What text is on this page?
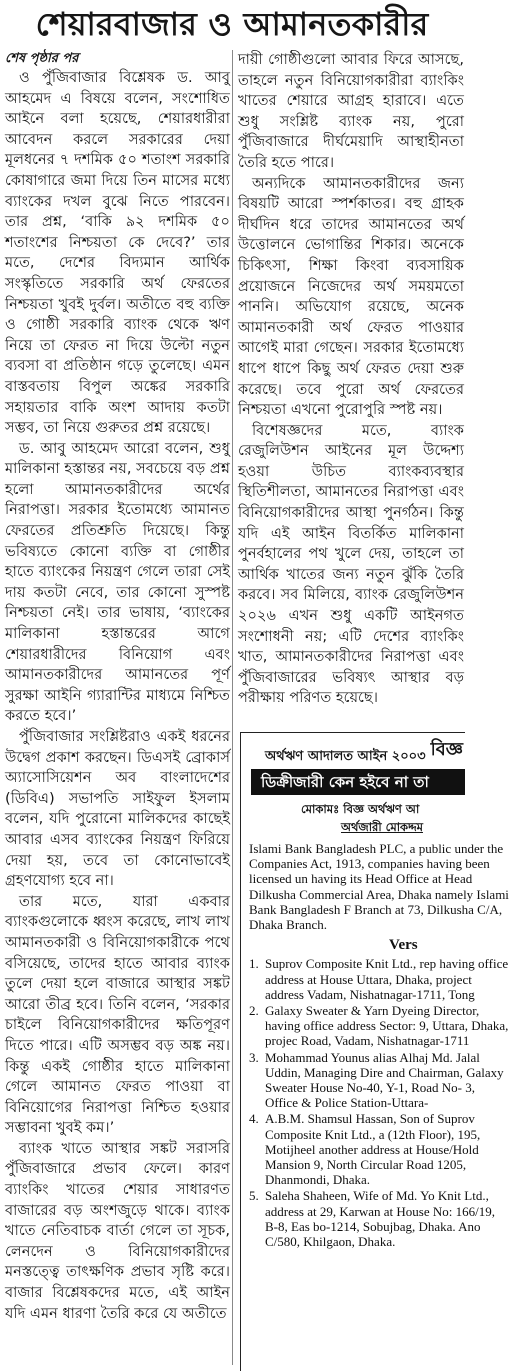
শেয়ারবাজার ও আমানতকারীর

শেষ পৃষ্ঠার পর

ও পুঁজিবাজার বিশ্লেষক ড. আবু আহমেদ এ বিষয়ে বলেন, সংশোধিত আইনে বলা হয়েছে, শেয়ারধারীরা আবেদন করলে সরকারের দেয়া মূলধনের ৭ দশমিক ৫০ শতাংশ সরকারি কোষাগারে জমা দিয়ে তিন মাসের মধ্যে ব্যাংকের দখল বুঝে নিতে পারবেন। তার প্রশ্ন, ‘বাকি ৯২ দশমিক ৫০ শতাংশের নিশ্চয়তা কে দেবে?’ তার মতে, দেশের বিদ্যমান আর্থিক সংস্কৃতিতে সরকারি অর্থ ফেরতের নিশ্চয়তা খুবই দুর্বল। অতীতে বহু ব্যক্তি ও গোষ্ঠী সরকারি ব্যাংক থেকে ঋণ নিয়ে তা ফেরত না দিয়ে উল্টো নতুন ব্যবসা বা প্রতিষ্ঠান গড়ে তুলেছে। এমন বাস্তবতায় বিপুল অঙ্কের সরকারি সহায়তার বাকি অংশ আদায় কতটা সম্ভব, তা নিয়ে গুরুতর প্রশ্ন রয়েছে।

ড. আবু আহমেদ আরো বলেন, শুধু মালিকানা হস্তান্তর নয়, সবচেয়ে বড় প্রশ্ন হলো আমানতকারীদের অর্থের নিরাপত্তা। সরকার ইতোমধ্যে আমানত ফেরতের প্রতিশ্রুতি দিয়েছে। কিন্তু ভবিষ্যতে কোনো ব্যক্তি বা গোষ্ঠীর হাতে ব্যাংকের নিয়ন্ত্রণ গেলে তারা সেই দায় কতটা নেবে, তার কোনো সুস্পষ্ট নিশ্চয়তা নেই। তার ভাষায়, ‘ব্যাংকের মালিকানা হস্তান্তরের আগে শেয়ারধারীদের বিনিয়োগ এবং আমানতকারীদের আমানতের পূর্ণ সুরক্ষা আইনি গ্যারান্টির মাধ্যমে নিশ্চিত করতে হবে।’

পুঁজিবাজার সংশ্লিষ্টরাও একই ধরনের উদ্বেগ প্রকাশ করছেন। ডিএসই ব্রোকার্স অ্যাসোসিয়েশন অব বাংলাদেশের (ডিবিএ) সভাপতি সাইফুল ইসলাম বলেন, যদি পুরোনো মালিকদের কাছেই আবার এসব ব্যাংকের নিয়ন্ত্রণ ফিরিয়ে দেয়া হয়, তবে তা কোনোভাবেই গ্রহণযোগ্য হবে না।

তার মতে, যারা একবার ব্যাংকগুলোকে ধ্বংস করেছে, লাখ লাখ আমানতকারী ও বিনিয়োগকারীকে পথে বসিয়েছে, তাদের হাতে আবার ব্যাংক তুলে দেয়া হলে বাজারে আস্থার সঙ্কট আরো তীব্র হবে। তিনি বলেন, ‘সরকার চাইলে বিনিয়োগকারীদের ক্ষতিপূরণ দিতে পারে। এটি অসম্ভব বড় অঙ্ক নয়। কিন্তু একই গোষ্ঠীর হাতে মালিকানা গেলে আমানত ফেরত পাওয়া বা বিনিয়োগের নিরাপত্তা নিশ্চিত হওয়ার সম্ভাবনা খুবই কম।’

ব্যাংক খাতে আস্থার সঙ্কট সরাসরি পুঁজিবাজারে প্রভাব ফেলে। কারণ ব্যাংকিং খাতের শেয়ার সাধারণত বাজারের বড় অংশজুড়ে থাকে। ব্যাংক খাতে নেতিবাচক বার্তা গেলে তা সূচক, লেনদেন ও বিনিয়োগকারীদের মনস্তত্ত্বে তাৎক্ষণিক প্রভাব সৃষ্টি করে। বাজার বিশ্লেষকদের মতে, এই আইন যদি এমন ধারণা তৈরি করে যে অতীতে

দায়ী গোষ্ঠীগুলো আবার ফিরে আসছে, তাহলে নতুন বিনিয়োগকারীরা ব্যাংকিং খাতের শেয়ারে আগ্রহ হারাবে। এতে শুধু সংশ্লিষ্ট ব্যাংক নয়, পুরো পুঁজিবাজারে দীর্ঘমেয়াদি আস্থাহীনতা তৈরি হতে পারে।

অন্যদিকে আমানতকারীদের জন্য বিষয়টি আরো স্পর্শকাতর। বহু গ্রাহক দীর্ঘদিন ধরে তাদের আমানতের অর্থ উত্তোলনে ভোগান্তির শিকার। অনেকে চিকিৎসা, শিক্ষা কিংবা ব্যবসায়িক প্রয়োজনে নিজেদের অর্থ সময়মতো পাননি। অভিযোগ রয়েছে, অনেক আমানতকারী অর্থ ফেরত পাওয়ার আগেই মারা গেছেন। সরকার ইতোমধ্যে ধাপে ধাপে কিছু অর্থ ফেরত দেয়া শুরু করেছে। তবে পুরো অর্থ ফেরতের নিশ্চয়তা এখনো পুরোপুরি স্পষ্ট নয়।

বিশেষজ্ঞদের মতে, ব্যাংক রেজুলিউশন আইনের মূল উদ্দেশ্য হওয়া উচিত ব্যাংকব্যবস্থার স্থিতিশীলতা, আমানতের নিরাপত্তা এবং বিনিয়োগকারীদের আস্থা পুনর্গঠন। কিন্তু যদি এই আইন বিতর্কিত মালিকানা পুনর্বহালের পথ খুলে দেয়, তাহলে তা আর্থিক খাতের জন্য নতুন ঝুঁকি তৈরি করবে। সব মিলিয়ে, ব্যাংক রেজুলিউশন ২০২৬ এখন শুধু একটি আইনগত সংশোধনী নয়; এটি দেশের ব্যাংকিং খাত, আমানতকারীদের নিরাপত্তা এবং পুঁজিবাজারের ভবিষ্যৎ আস্থার বড় পরীক্ষায় পরিণত হয়েছে।

বিজ্ঞ
অর্থঋণ আদালত আইন ২০০৩
ডিক্রীজারী কেন হইবে না তা
মোকামঃ বিজ্ঞ অর্থঋণ আ
অর্থজারী মোকদ্দম

Islami Bank Bangladesh PLC, a public under the Companies Act, 1913, companies having been licensed un having its Head Office at Head Dilkusha Commercial Area, Dhaka namely Islami Bank Bangladesh F Branch at 73, Dilkusha C/A, Dhaka Branch.

Vers

1. Suprov Composite Knit Ltd., rep having office address at House Uttara, Dhaka, project address Vadam, Nishatnagar-1711, Tong
2. Galaxy Sweater & Yarn Dyeing Director, having office address Sector: 9, Uttara, Dhaka, projec Road, Vadam, Nishatnagar-1711
3. Mohammad Younus alias Alhaj Md. Jalal Uddin, Managing Dire and Chairman, Galaxy Sweater House No-40, Y-1, Road No- 3, Office & Police Station-Uttara-
4. A.B.M. Shamsul Hassan, Son of Suprov Composite Knit Ltd., a (12th Floor), 195, Motijheel another address at House/Hold Mansion 9, North Circular Road 1205, Dhanmondi, Dhaka.
5. Saleha Shaheen, Wife of Md. Yo Knit Ltd., address at 29, Karwan at House No: 166/19, B-8, Eas bo-1214, Sobujbag, Dhaka. Ano C/580, Khilgaon, Dhaka.
